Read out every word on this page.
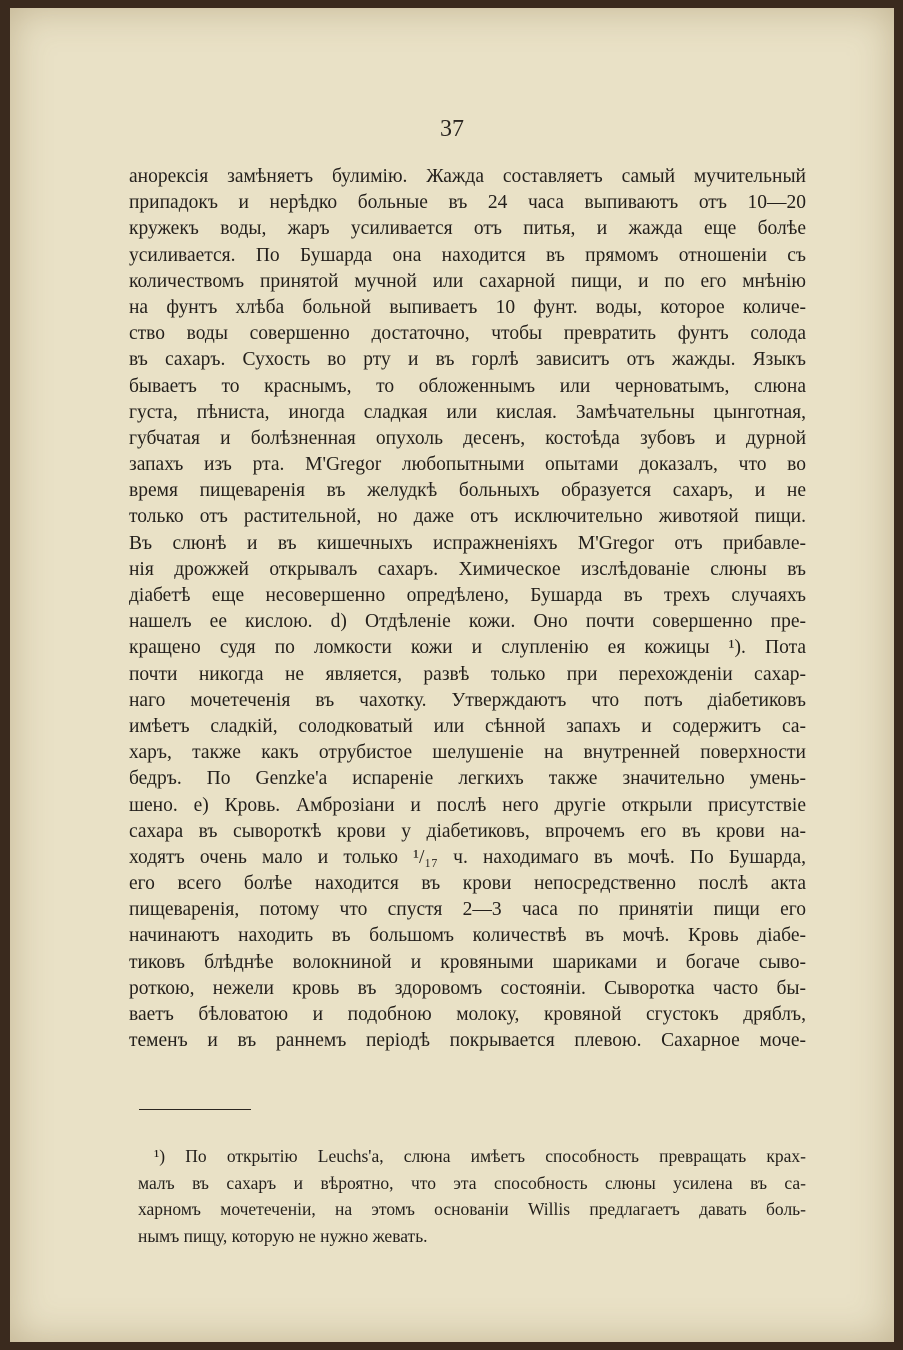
37
анорексія замѣняетъ булимію. Жажда составляетъ самый мучительный
припадокъ и нерѣдко больные въ 24 часа выпиваютъ отъ 10—20
кружекъ воды, жаръ усиливается отъ питья, и жажда еще болѣе
усиливается. По Бушарда она находится въ прямомъ отношеніи съ
количествомъ принятой мучной или сахарной пищи, и по его мнѣнію
на фунтъ хлѣба больной выпиваетъ 10 фунт. воды, которое количе-
ство воды совершенно достаточно, чтобы превратить фунтъ солода
въ сахаръ. Сухость во рту и въ горлѣ зависитъ отъ жажды. Языкъ
бываетъ то краснымъ, то обложеннымъ или черноватымъ, слюна
густа, пѣниста, иногда сладкая или кислая. Замѣчательны цынготная,
губчатая и болѣзненная опухоль десенъ, костоѣда зубовъ и дурной
запахъ изъ рта. M'Gregor любопытными опытами доказалъ, что во
время пищеваренія въ желудкѣ больныхъ образуется сахаръ, и не
только отъ растительной, но даже отъ исключительно животяой пищи.
Въ слюнѣ и въ кишечныхъ испражненіяхъ M'Gregor отъ прибавле-
нія дрожжей открывалъ сахаръ. Химическое изслѣдованіе слюны въ
діабетѣ еще несовершенно опредѣлено, Бушарда въ трехъ случаяхъ
нашелъ ее кислою. d) Отдѣленіе кожи. Оно почти совершенно пре-
кращено судя по ломкости кожи и слупленію ея кожицы ¹). Пота
почти никогда не является, развѣ только при перехожденіи сахар-
наго мочетеченія въ чахотку. Утверждаютъ что потъ діабетиковъ
имѣетъ сладкій, солодковатый или сѣнной запахъ и содержитъ са-
харъ, также какъ отрубистое шелушеніе на внутренней поверхности
бедръ. По Genzke'a испареніе легкихъ также значительно умень-
шено. e) Кровь. Амброзіани и послѣ него другіе открыли присутствіе
сахара въ сывороткѣ крови у діабетиковъ, впрочемъ его въ крови на-
ходятъ очень мало и только ¹/₁₇ ч. находимаго въ мочѣ. По Бушарда,
его всего болѣе находится въ крови непосредственно послѣ акта
пищеваренія, потому что спустя 2—3 часа по принятіи пищи его
начинаютъ находить въ большомъ количествѣ въ мочѣ. Кровь діабе-
тиковъ блѣднѣе волокниной и кровяными шариками и богаче сыво-
роткою, нежели кровь въ здоровомъ состояніи. Сыворотка часто бы-
ваетъ бѣловатою и подобною молоку, кровяной сгустокъ дряблъ,
теменъ и въ раннемъ періодѣ покрывается плевою. Сахарное моче-
¹) По открытію Leuchs'a, слюна имѣетъ способность превращать крах-
малъ въ сахаръ и вѣроятно, что эта способность слюны усилена въ са-
харномъ мочетеченіи, на этомъ основаніи Willis предлагаетъ давать боль-
нымъ пищу, которую не нужно жевать.
